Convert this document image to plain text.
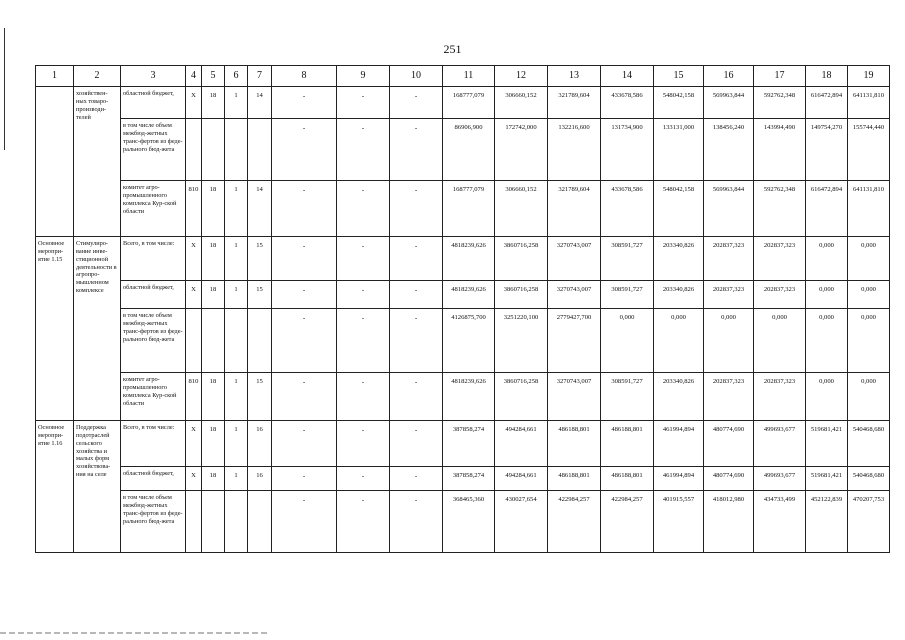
251
1	2	3	4	5	6	7	8	9	10	11	12	13	14	15	16	17	18	19
	хозяйствен-ных товаро-производи-телей	областной бюджет,	X	18	1	14	-	-	-	168777,079	306660,152	321789,604	433678,586	548042,158	569963,844	592762,348	616472,894	641131,810
		в том числе объем межбюд-жетных транс-фертов из феде-рального бюд-жета					-	-	-	86906,900	172742,000	132216,600	131734,900	133131,000	138456,240	143994,490	149754,270	155744,440
		комитет агро-промышленного комплекса Кур-ской области	810	18	1	14	-	-	-	168777,079	306660,152	321789,604	433678,586	548042,158	569963,844	592762,348	616472,894	641131,810
Основное меропри-ятие 1.15	Стимулиро-вание инве-стиционной деятельности в агропро-мышленном комплексе	Всего, в том числе:	X	18	1	15	-	-	-	4818239,626	3860716,258	3270743,007	308591,727	203340,826	202837,323	202837,323	0,000	0,000
		областной бюджет,	X	18	1	15	-	-	-	4818239,626	3860716,258	3270743,007	308591,727	203340,826	202837,323	202837,323	0,000	0,000
		в том числе объем межбюд-жетных транс-фертов из феде-рального бюд-жета					-	-	-	4126875,700	3251220,100	2779427,700	0,000	0,000	0,000	0,000	0,000	0,000
		комитет агро-промышленного комплекса Кур-ской области	810	18	1	15	-	-	-	4818239,626	3860716,258	3270743,007	308591,727	203340,826	202837,323	202837,323	0,000	0,000
Основное меропри-ятие 1.16	Поддержка подотраслей сельского хозяйства и малых форм хозяйствова-ния на селе	Всего, в том числе:	X	18	1	16	-	-	-	387858,274	494284,661	486188,801	486188,801	461994,894	480774,690	499693,677	519681,421	540468,680
		областной бюджет,	X	18	1	16	-	-	-	387858,274	494284,661	486188,801	486188,801	461994,894	480774,690	499693,677	519681,421	540468,680
		в том числе объем межбюд-жетных транс-фертов из феде-рального бюд-жета					-	-	-	368465,360	430027,654	422984,257	422984,257	401915,557	418012,980	434733,499	452122,839	470207,753
